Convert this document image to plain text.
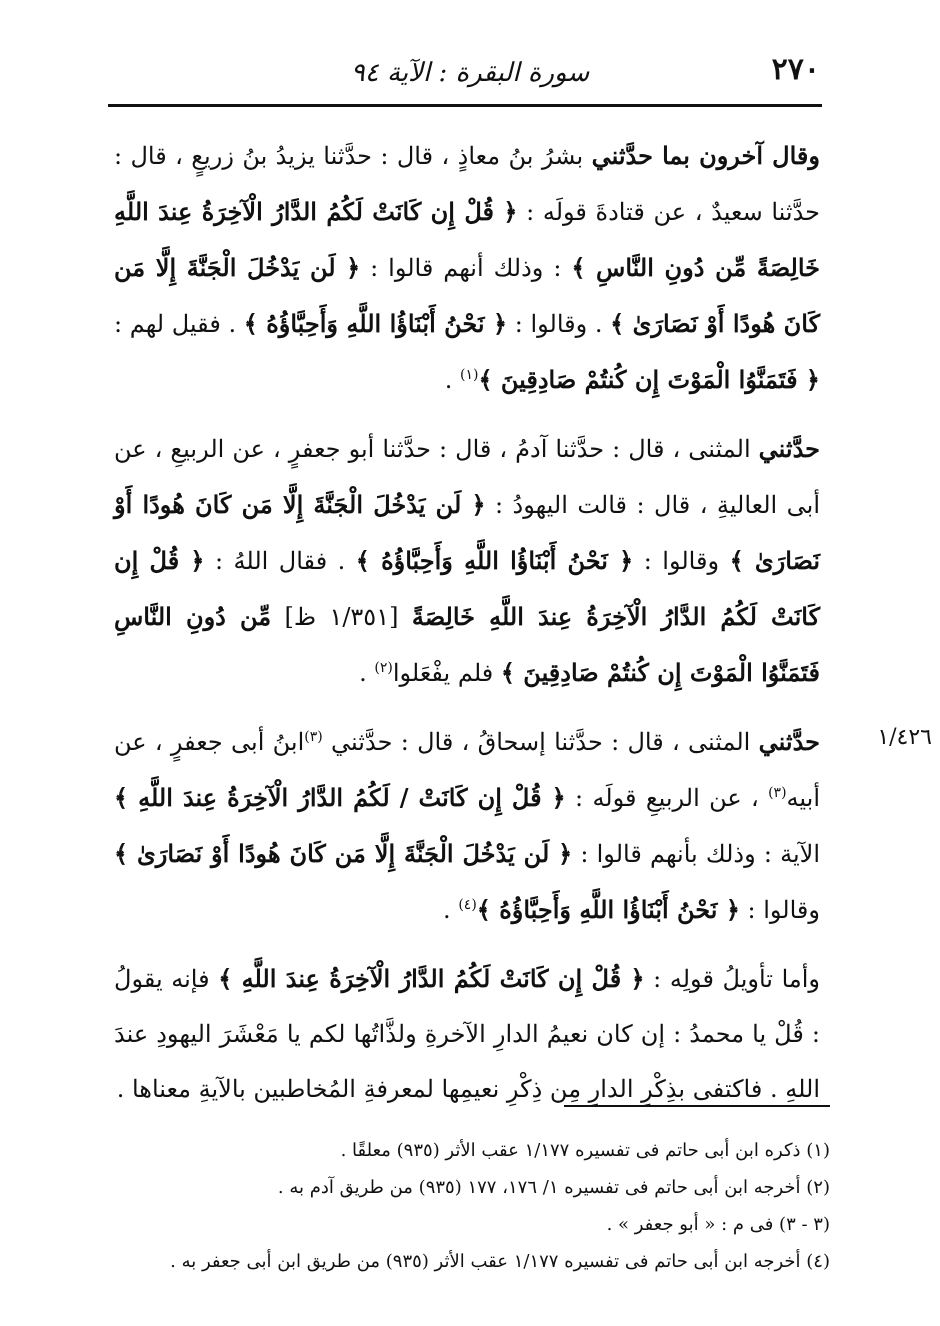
٢٧٠
سورة البقرة : الآية ٩٤

وقال آخرون بما حدَّثني بشرُ بنُ معاذٍ ، قال : حدَّثنا يزيدُ بنُ زريعٍ ، قال : حدَّثنا سعيدٌ ، عن قتادةَ قولَه : ﴿ قُلْ إِن كَانَتْ لَكُمُ الدَّارُ الْآخِرَةُ عِندَ اللَّهِ خَالِصَةً مِّن دُونِ النَّاسِ ﴾ : وذلك أنهم قالوا : ﴿ لَن يَدْخُلَ الْجَنَّةَ إِلَّا مَن كَانَ هُودًا أَوْ نَصَارَىٰ ﴾ . وقالوا : ﴿ نَحْنُ أَبْنَاؤُا اللَّهِ وَأَحِبَّاؤُهُ ﴾ . فقيل لهم : ﴿ فَتَمَنَّوُا الْمَوْتَ إِن كُنتُمْ صَادِقِينَ ﴾$^{(١)}$ .

حدَّثني المثنى ، قال : حدَّثنا آدمُ ، قال : حدَّثنا أبو جعفرٍ ، عن الربيعِ ، عن أبى العاليةِ ، قال : قالت اليهودُ : ﴿ لَن يَدْخُلَ الْجَنَّةَ إِلَّا مَن كَانَ هُودًا أَوْ نَصَارَىٰ ﴾ وقالوا : ﴿ نَحْنُ أَبْنَاؤُا اللَّهِ وَأَحِبَّاؤُهُ ﴾ . فقال اللهُ : ﴿ قُلْ إِن كَانَتْ لَكُمُ الدَّارُ الْآخِرَةُ عِندَ اللَّهِ خَالِصَةً [١/٣٥١ ظ] مِّن دُونِ النَّاسِ فَتَمَنَّوُا الْمَوْتَ إِن كُنتُمْ صَادِقِينَ ﴾ فلم يفْعَلوا$^{(٢)}$ .

حدَّثني المثنى ، قال : حدَّثنا إسحاقُ ، قال : حدَّثني $^{(٣)}$ابنُ أبى جعفرٍ ، عن أبيه$^{(٣)}$ ، عن الربيعِ قولَه : ﴿ قُلْ إِن كَانَتْ / لَكُمُ الدَّارُ الْآخِرَةُ عِندَ اللَّهِ ﴾ الآية : وذلك بأنهم قالوا : ﴿ لَن يَدْخُلَ الْجَنَّةَ إِلَّا مَن كَانَ هُودًا أَوْ نَصَارَىٰ ﴾ وقالوا : ﴿ نَحْنُ أَبْنَاؤُا اللَّهِ وَأَحِبَّاؤُهُ ﴾$^{(٤)}$ .

وأما تأويلُ قولِه : ﴿ قُلْ إِن كَانَتْ لَكُمُ الدَّارُ الْآخِرَةُ عِندَ اللَّهِ ﴾ فإنه يقولُ : قُلْ يا محمدُ : إن كان نعيمُ الدارِ الآخرةِ ولذَّاتُها لكم يا مَعْشَرَ اليهودِ عندَ اللهِ . فاكتفى بذِكْرِ الدارِ مِن ذِكْرِ نعيمِها لمعرفةِ المُخاطبين بالآيةِ معناها .

١/٤٢٦

(١) ذكره ابن أبى حاتم فى تفسيره ١/١٧٧ عقب الأثر (٩٣٥) معلقًا .

(٢) أخرجه ابن أبى حاتم فى تفسيره ١/ ١٧٦، ١٧٧ (٩٣٥) من طريق آدم به .

(٣ - ٣) فى م : « أبو جعفر » .

(٤) أخرجه ابن أبى حاتم فى تفسيره ١/١٧٧ عقب الأثر (٩٣٥) من طريق ابن أبى جعفر به .
